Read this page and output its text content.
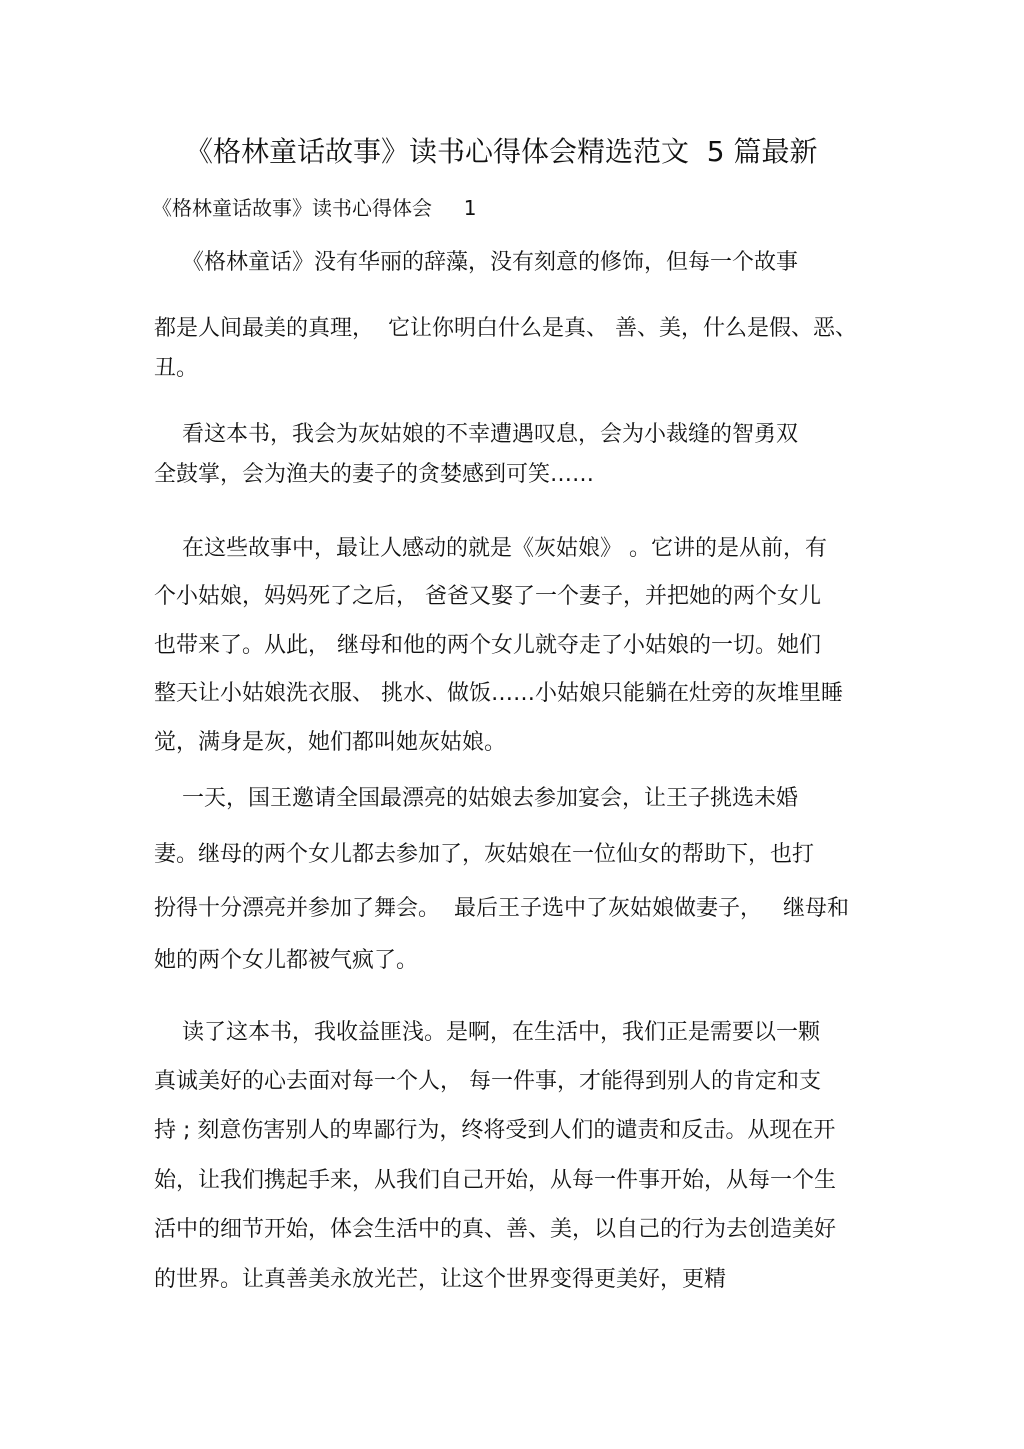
《格林童话故事》读书心得体会精选范文  5 篇最新
《格林童话故事》读书心得体会     1
《格林童话》没有华丽的辞藻，没有刻意的修饰，但每一个故事
都是人间最美的真理，  它让你明白什么是真、 善、美，什么是假、恶、
丑。
看这本书，我会为灰姑娘的不幸遭遇叹息，会为小裁缝的智勇双
全鼓掌，会为渔夫的妻子的贪婪感到可笑……
在这些故事中，最让人感动的就是《灰姑娘》 。它讲的是从前，有
个小姑娘，妈妈死了之后， 爸爸又娶了一个妻子，并把她的两个女儿
也带来了。从此， 继母和他的两个女儿就夺走了小姑娘的一切。她们
整天让小姑娘洗衣服、 挑水、做饭……小姑娘只能躺在灶旁的灰堆里睡
觉，满身是灰，她们都叫她灰姑娘。
一天，国王邀请全国最漂亮的姑娘去参加宴会，让王子挑选未婚
妻。继母的两个女儿都去参加了，灰姑娘在一位仙女的帮助下，也打
扮得十分漂亮并参加了舞会。  最后王子选中了灰姑娘做妻子，   继母和
她的两个女儿都被气疯了。
读了这本书，我收益匪浅。是啊，在生活中，我们正是需要以一颗
真诚美好的心去面对每一个人， 每一件事，才能得到别人的肯定和支
持 ; 刻意伤害别人的卑鄙行为，终将受到人们的谴责和反击。从现在开
始，让我们携起手来，从我们自己开始，从每一件事开始，从每一个生
活中的细节开始，体会生活中的真、善、美，以自己的行为去创造美好
的世界。让真善美永放光芒，让这个世界变得更美好，更精
